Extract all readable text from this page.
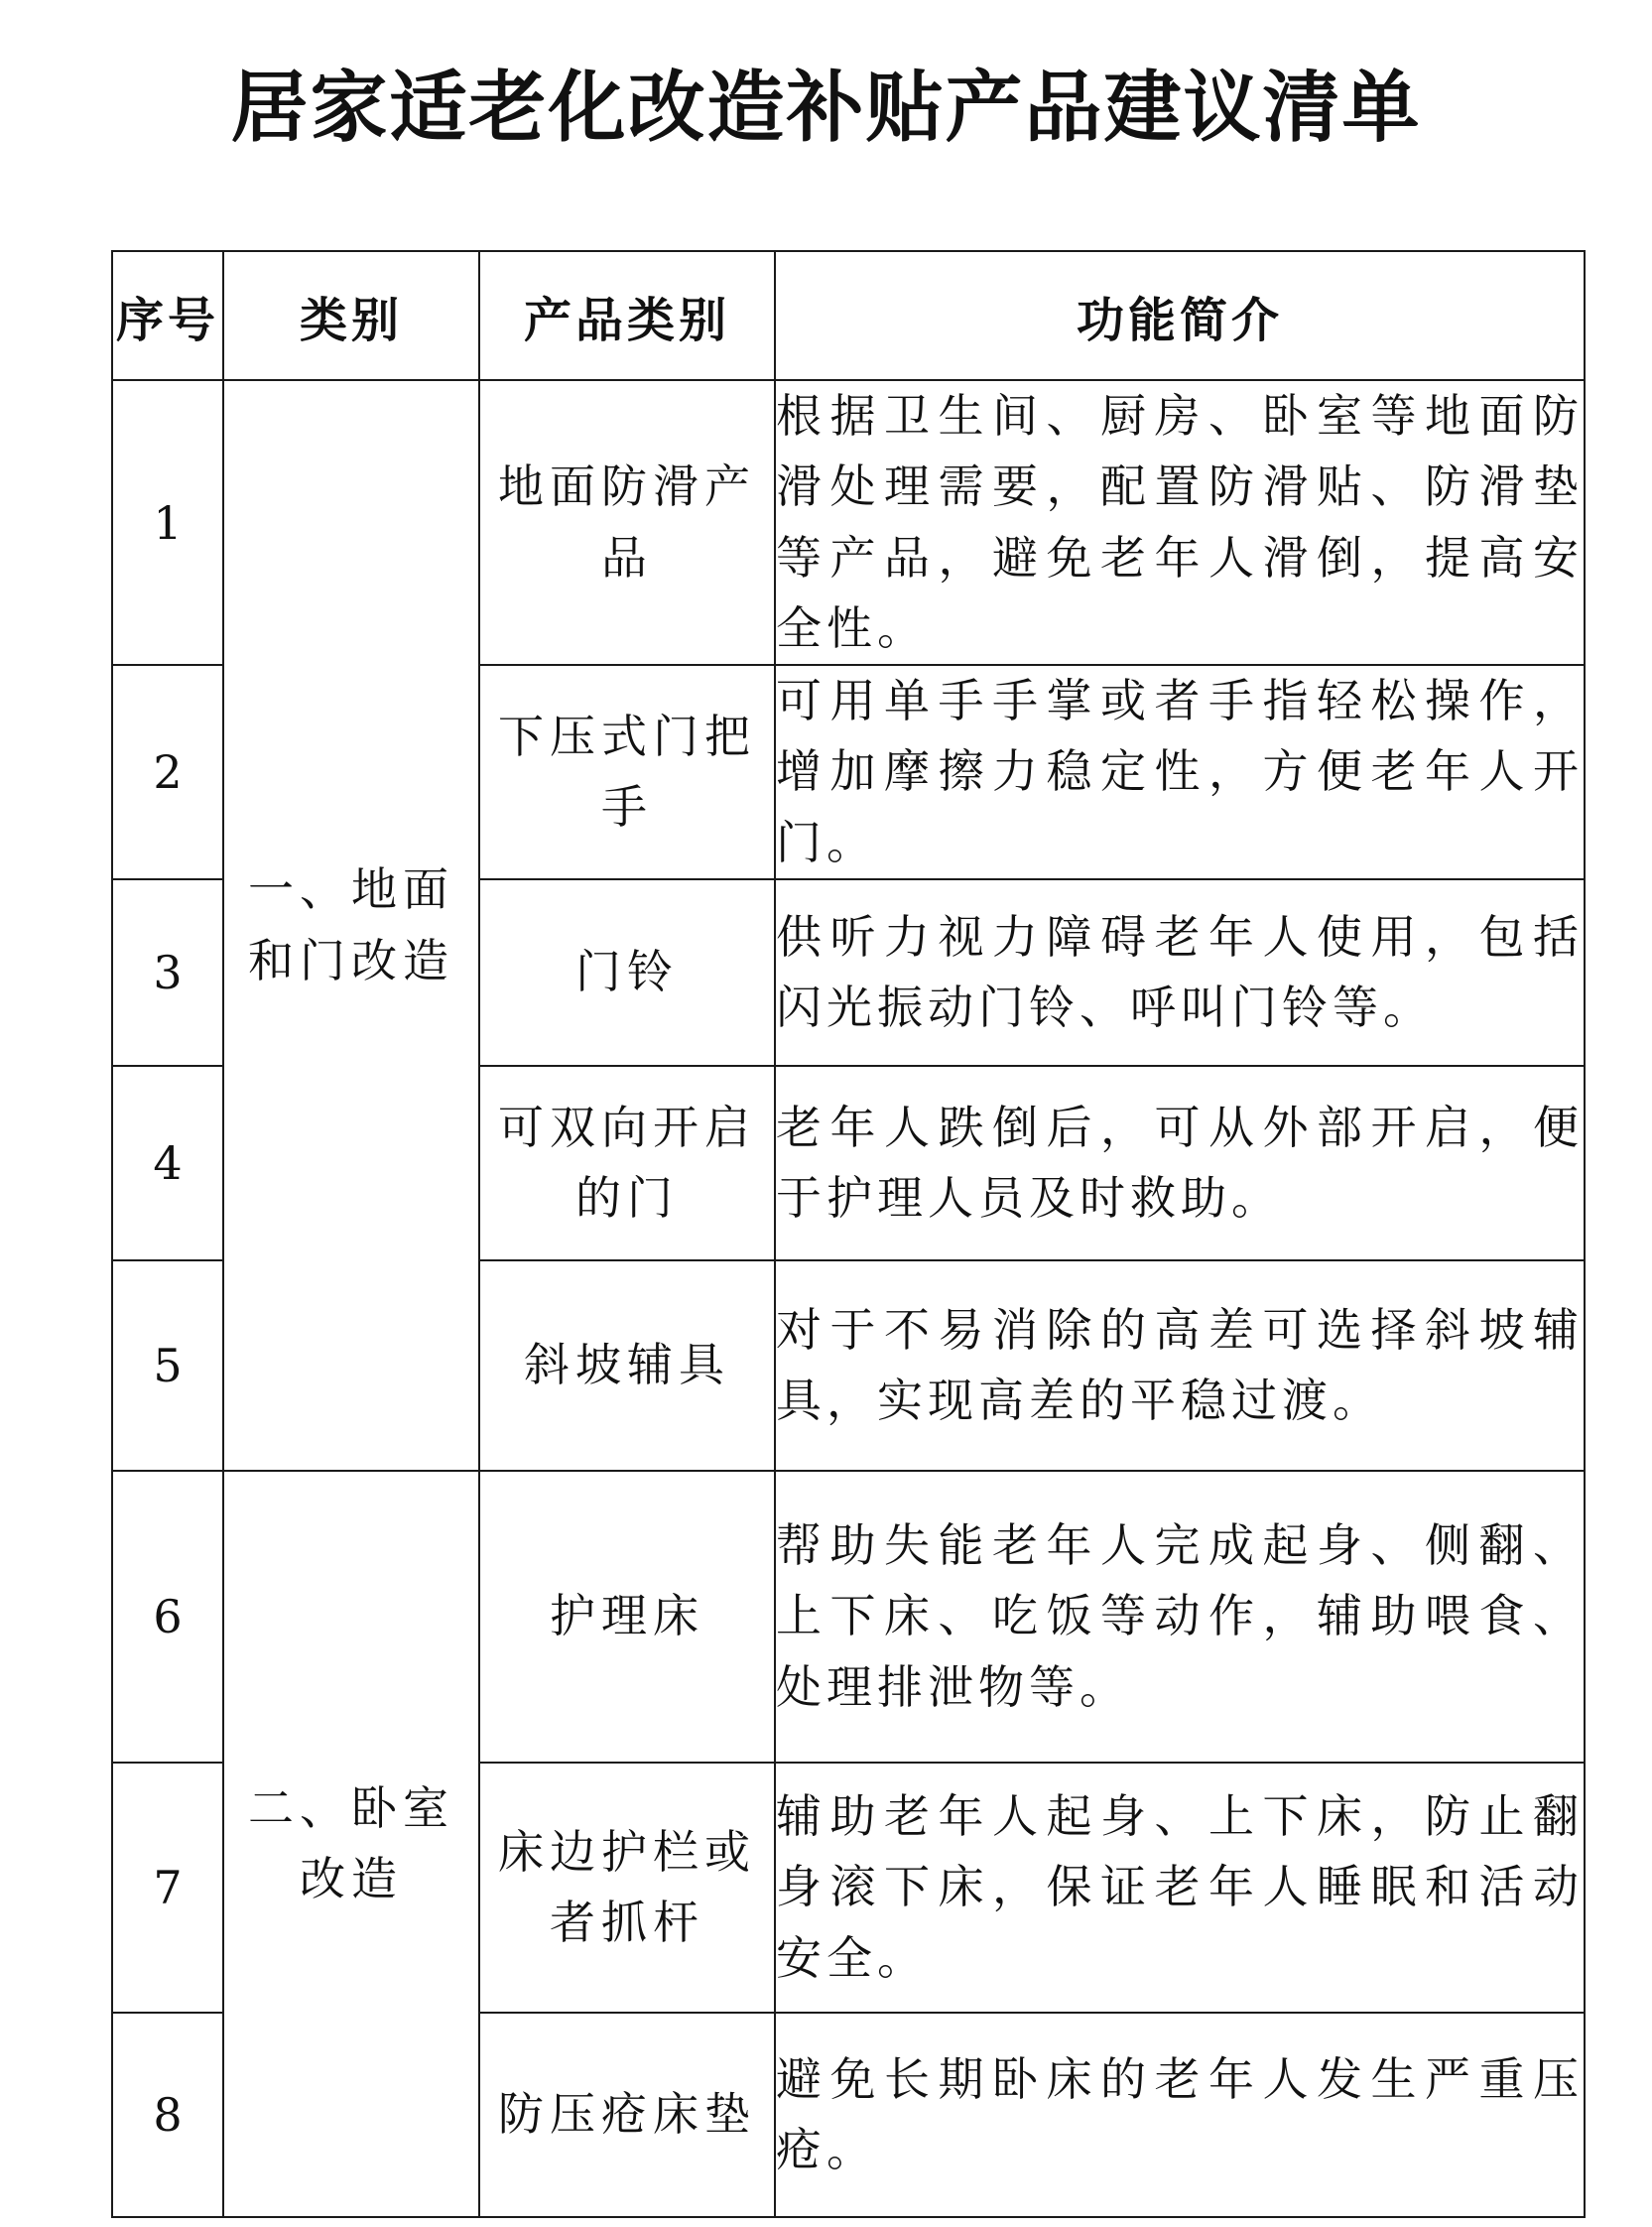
居家适老化改造补贴产品建议清单
序号	类别	产品类别	功能简介
1	一、地面和门改造	地面防滑产品	根据卫生间、厨房、卧室等地面防滑处理需要，配置防滑贴、防滑垫等产品，避免老年人滑倒，提高安全性。
2		下压式门把手	可用单手手掌或者手指轻松操作，增加摩擦力稳定性，方便老年人开门。
3		门铃	供听力视力障碍老年人使用，包括闪光振动门铃、呼叫门铃等。
4		可双向开启的门	老年人跌倒后，可从外部开启，便于护理人员及时救助。
5		斜坡辅具	对于不易消除的高差可选择斜坡辅具，实现高差的平稳过渡。
6	二、卧室改造	护理床	帮助失能老年人完成起身、侧翻、上下床、吃饭等动作，辅助喂食、处理排泄物等。
7		床边护栏或者抓杆	辅助老年人起身、上下床，防止翻身滚下床，保证老年人睡眠和活动安全。
8		防压疮床垫	避免长期卧床的老年人发生严重压疮。
